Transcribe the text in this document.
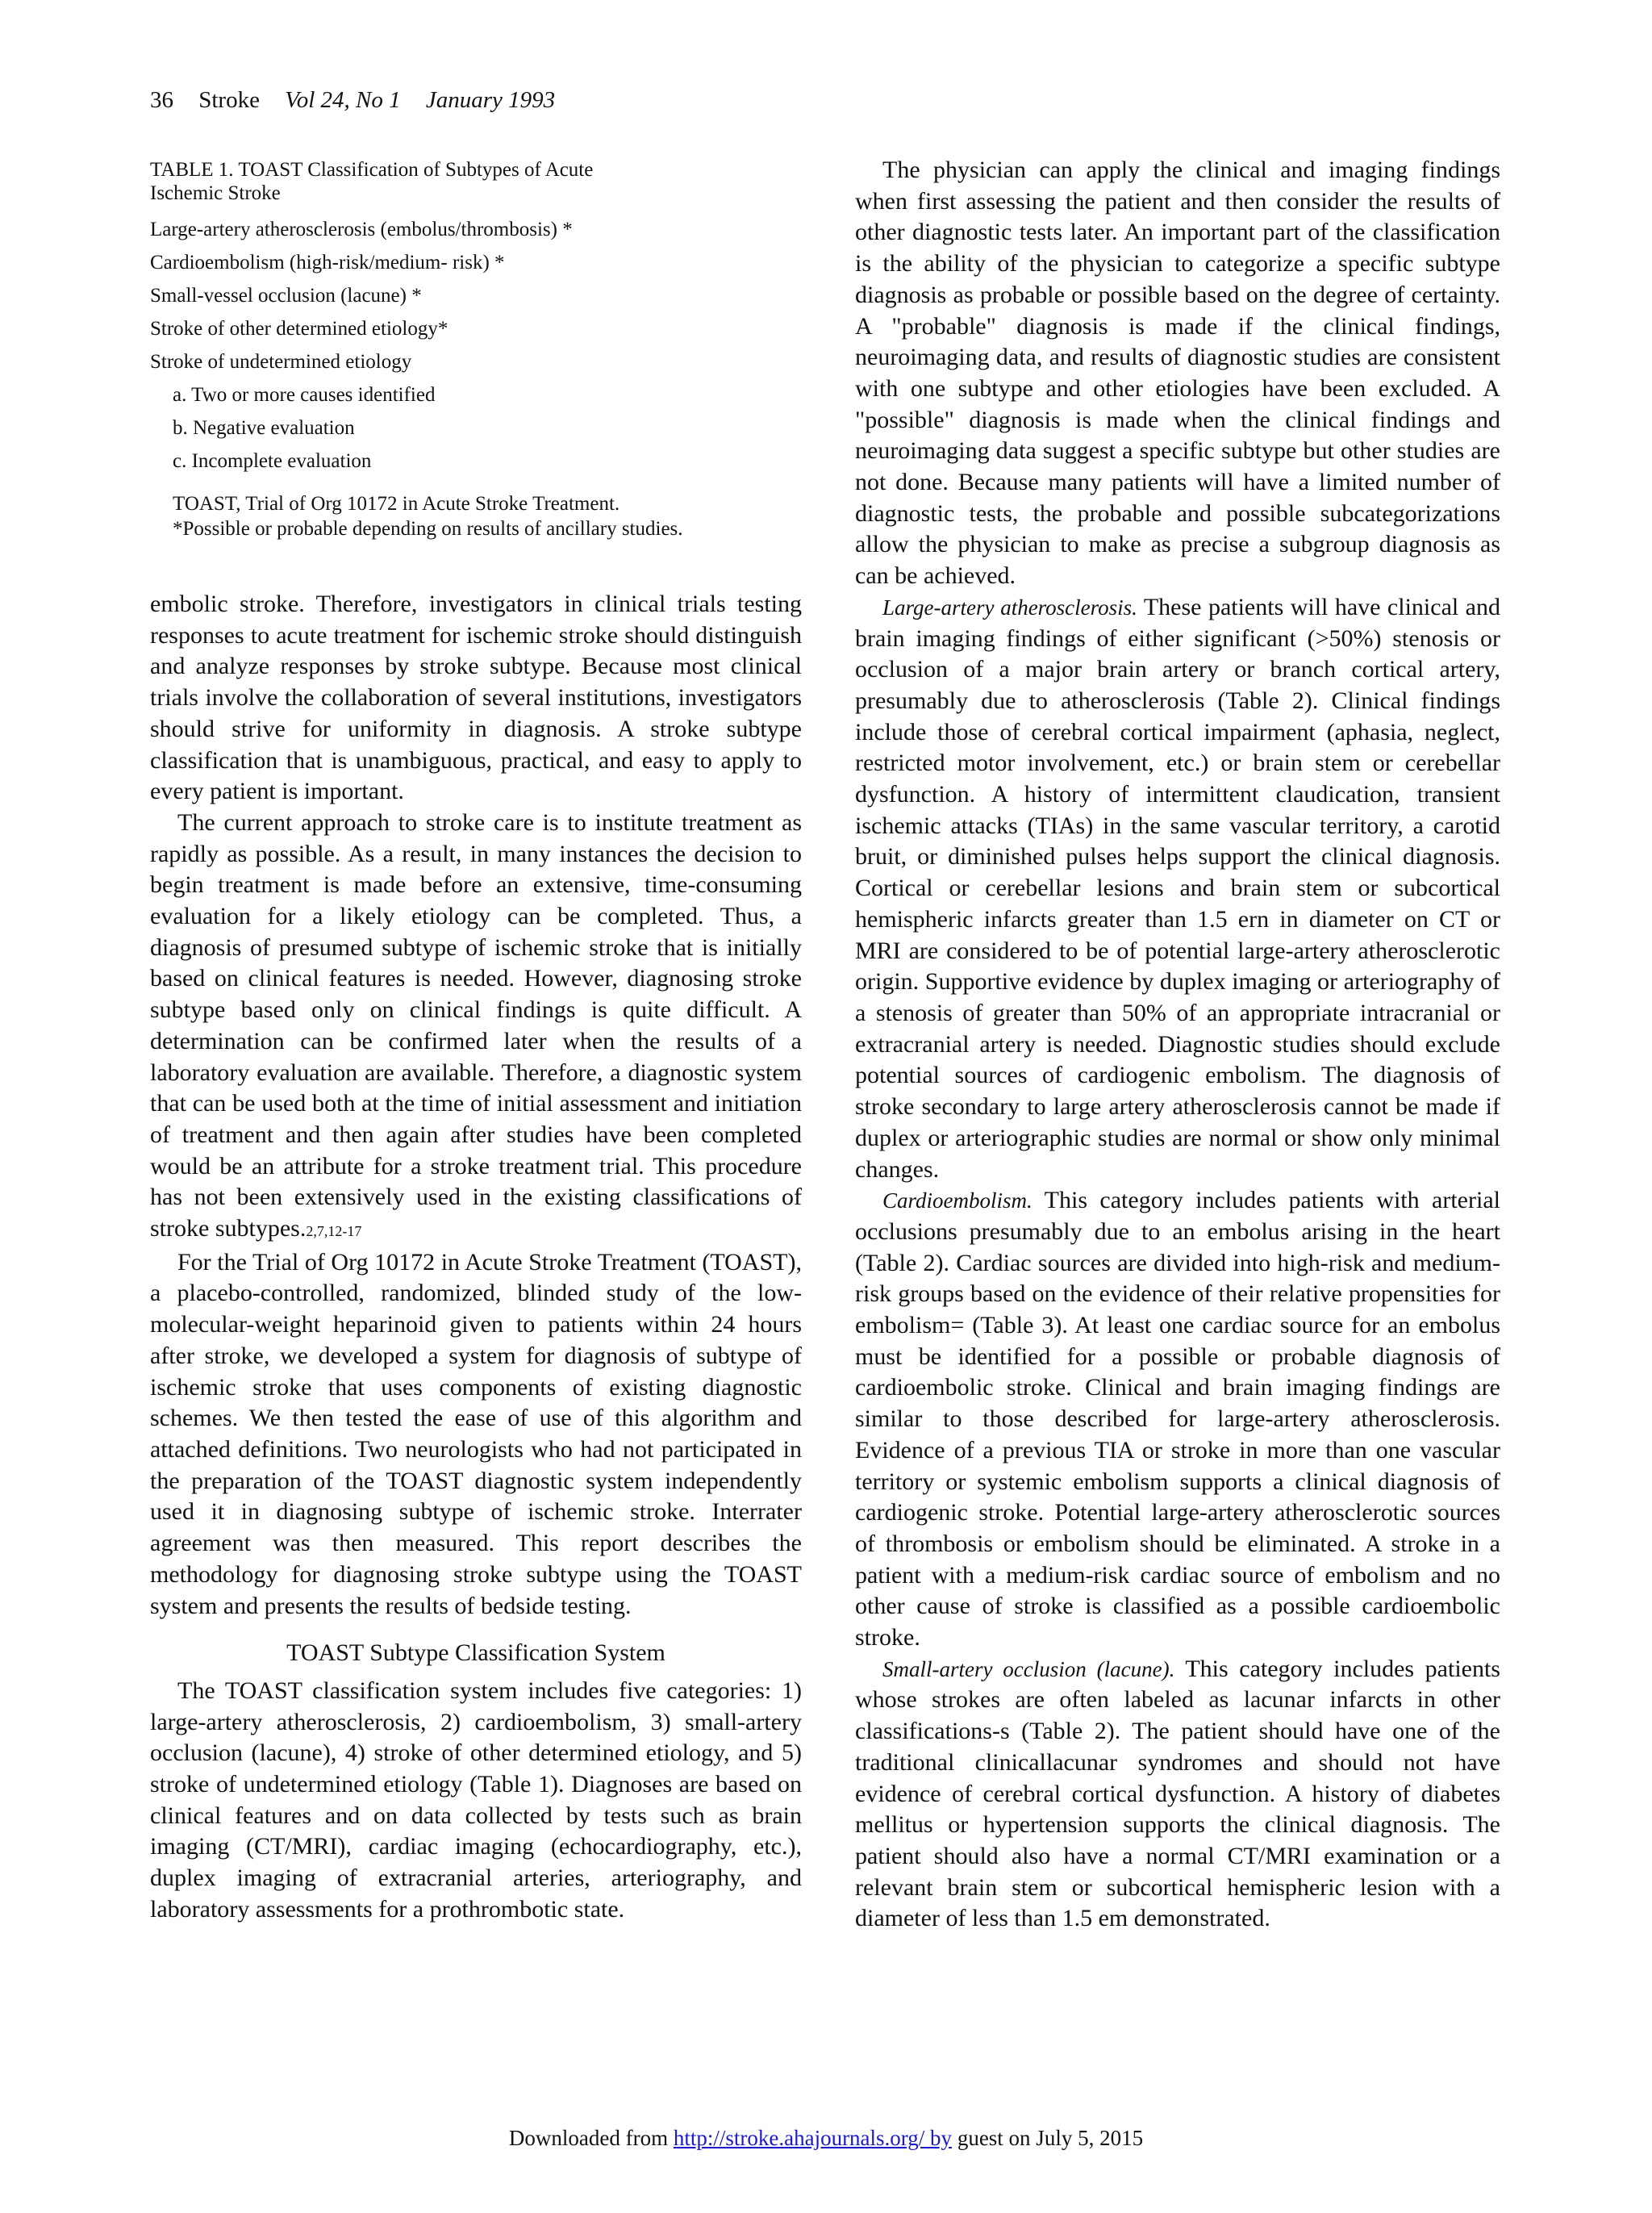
36 Stroke Vol 24, No 1 January 1993
TABLE 1. TOAST Classification of Subtypes of Acute
Ischemic Stroke
Large-artery atherosclerosis (embolus/thrombosis) *
Cardioembolism (high-risk/medium- risk) *
Small-vessel occlusion (lacune) *
Stroke of other determined etiology*
Stroke of undetermined etiology
a. Two or more causes identified
b. Negative evaluation
c. Incomplete evaluation
TOAST, Trial of Org 10172 in Acute Stroke Treatment.
*Possible or probable depending on results of ancillary studies.

embolic stroke. Therefore, investigators in clinical trials testing responses to acute treatment for ischemic stroke should distinguish and analyze responses by stroke subtype. Because most clinical trials involve the collaboration of several institutions, investigators should strive for uniformity in diagnosis. A stroke subtype classification that is unambiguous, practical, and easy to apply to every patient is important.

The current approach to stroke care is to institute treatment as rapidly as possible. As a result, in many instances the decision to begin treatment is made before an extensive, time-consuming evaluation for a likely etiology can be completed. Thus, a diagnosis of presumed subtype of ischemic stroke that is initially based on clinical features is needed. However, diagnosing stroke subtype based only on clinical findings is quite difficult. A determination can be confirmed later when the results of a laboratory evaluation are available. Therefore, a diagnostic system that can be used both at the time of initial assessment and initiation of treatment and then again after studies have been completed would be an attribute for a stroke treatment trial. This procedure has not been extensively used in the existing classifications of stroke subtypes.2,7,12-17

For the Trial of Org 10172 in Acute Stroke Treatment (TOAST), a placebo-controlled, randomized, blinded study of the low-molecular-weight heparinoid given to patients within 24 hours after stroke, we developed a system for diagnosis of subtype of ischemic stroke that uses components of existing diagnostic schemes. We then tested the ease of use of this algorithm and attached definitions. Two neurologists who had not participated in the preparation of the TOAST diagnostic system independently used it in diagnosing subtype of ischemic stroke. Interrater agreement was then measured. This report describes the methodology for diagnosing stroke subtype using the TOAST system and presents the results of bedside testing.

TOAST Subtype Classification System

The TOAST classification system includes five categories: 1) large-artery atherosclerosis, 2) cardioembolism, 3) small-artery occlusion (lacune), 4) stroke of other determined etiology, and 5) stroke of undetermined etiology (Table 1). Diagnoses are based on clinical features and on data collected by tests such as brain imaging (CT/MRI), cardiac imaging (echocardiography, etc.), duplex imaging of extracranial arteries, arteriography, and laboratory assessments for a prothrombotic state.

The physician can apply the clinical and imaging findings when first assessing the patient and then consider the results of other diagnostic tests later. An important part of the classification is the ability of the physician to categorize a specific subtype diagnosis as probable or possible based on the degree of certainty. A "probable" diagnosis is made if the clinical findings, neuroimaging data, and results of diagnostic studies are consistent with one subtype and other etiologies have been excluded. A "possible" diagnosis is made when the clinical findings and neuroimaging data suggest a specific subtype but other studies are not done. Because many patients will have a limited number of diagnostic tests, the probable and possible subcategorizations allow the physician to make as precise a subgroup diagnosis as can be achieved.

Large-artery atherosclerosis. These patients will have clinical and brain imaging findings of either significant (>50%) stenosis or occlusion of a major brain artery or branch cortical artery, presumably due to atherosclerosis (Table 2). Clinical findings include those of cerebral cortical impairment (aphasia, neglect, restricted motor involvement, etc.) or brain stem or cerebellar dysfunction. A history of intermittent claudication, transient ischemic attacks (TIAs) in the same vascular territory, a carotid bruit, or diminished pulses helps support the clinical diagnosis. Cortical or cerebellar lesions and brain stem or subcortical hemispheric infarcts greater than 1.5 ern in diameter on CT or MRI are considered to be of potential large-artery atherosclerotic origin. Supportive evidence by duplex imaging or arteriography of a stenosis of greater than 50% of an appropriate intracranial or extracranial artery is needed. Diagnostic studies should exclude potential sources of cardiogenic embolism. The diagnosis of stroke secondary to large artery atherosclerosis cannot be made if duplex or arteriographic studies are normal or show only minimal changes.

Cardioembolism. This category includes patients with arterial occlusions presumably due to an embolus arising in the heart (Table 2). Cardiac sources are divided into high-risk and medium-risk groups based on the evidence of their relative propensities for embolism= (Table 3). At least one cardiac source for an embolus must be identified for a possible or probable diagnosis of cardioembolic stroke. Clinical and brain imaging findings are similar to those described for large-artery atherosclerosis. Evidence of a previous TIA or stroke in more than one vascular territory or systemic embolism supports a clinical diagnosis of cardiogenic stroke. Potential large-artery atherosclerotic sources of thrombosis or embolism should be eliminated. A stroke in a patient with a medium-risk cardiac source of embolism and no other cause of stroke is classified as a possible cardioembolic stroke.

Small-artery occlusion (lacune). This category includes patients whose strokes are often labeled as lacunar infarcts in other classifications-s (Table 2). The patient should have one of the traditional clinicallacunar syndromes and should not have evidence of cerebral cortical dysfunction. A history of diabetes mellitus or hypertension supports the clinical diagnosis. The patient should also have a normal CT/MRI examination or a relevant brain stem or subcortical hemispheric lesion with a diameter of less than 1.5 em demonstrated.

Downloaded from http://stroke.ahajournals.org/ by guest on July 5, 2015
